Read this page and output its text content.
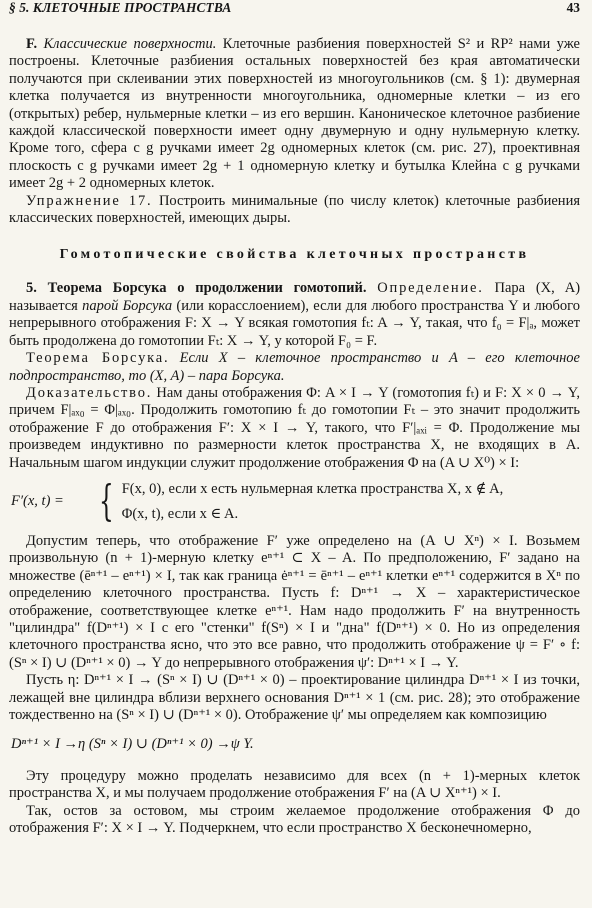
§ 5. КЛЕТОЧНЫЕ ПРОСТРАНСТВА	43

F. Классические поверхности. Клеточные разбиения поверхностей S² и RP² нами уже построены. Клеточные разбиения остальных поверхностей без края автоматически получаются при склеивании этих поверхностей из многоугольников (см. § 1): двумерная клетка получается из внутренности многоугольника, одномерные клетки – из его (открытых) ребер, нульмерные клетки – из его вершин. Каноническое клеточное разбиение каждой классической поверхности имеет одну двумерную и одну нульмерную клетку. Кроме того, сфера с g ручками имеет 2g одномерных клеток (см. рис. 27), проективная плоскость с g ручками имеет 2g + 1 одномерную клетку и бутылка Клейна с g ручками имеет 2g + 2 одномерных клеток.

Упражнение 17. Построить минимальные (по числу клеток) клеточные разбиения классических поверхностей, имеющих дыры.

Гомотопические свойства клеточных пространств

5. Теорема Борсука о продолжении гомотопий. Определение. Пара (X, A) называется парой Борсука (или корасслоением), если для любого пространства Y и любого непрерывного отображения F: X → Y всякая гомотопия fₜ: A → Y, такая, что f₀ = F|ₐ, может быть продолжена до гомотопии Fₜ: X → Y, у которой F₀ = F.

Теорема Борсука. Если X – клеточное пространство и A – его клеточное подпространство, то (X, A) – пара Борсука.

Доказательство. Нам даны отображения Φ: A × I → Y (гомотопия fₜ) и F: X × 0 → Y, причем F|ₐₓ₀ = Φ|ₐₓ₀. Продолжить гомотопию fₜ до гомотопии Fₜ – это значит продолжить отображение F до отображения F′: X × I → Y, такого, что F′|ₐₓᵢ = Φ. Продолжение мы произведем индуктивно по размерности клеток пространства X, не входящих в A. Начальным шагом индукции служит продолжение отображения Φ на (A ∪ X⁰) × I:

F′(x, t) = { F(x, 0), если x есть нульмерная клетка пространства X, x ∉ A,
Φ(x, t), если x ∈ A.

Допустим теперь, что отображение F′ уже определено на (A ∪ Xⁿ) × I. Возьмем произвольную (n + 1)-мерную клетку eⁿ⁺¹ ⊂ X – A. По предположению, F′ задано на множестве (ēⁿ⁺¹ – eⁿ⁺¹) × I, так как граница ėⁿ⁺¹ = ēⁿ⁺¹ – eⁿ⁺¹ клетки eⁿ⁺¹ содержится в Xⁿ по определению клеточного пространства. Пусть f: Dⁿ⁺¹ → X – характеристическое отображение, соответствующее клетке eⁿ⁺¹. Нам надо продолжить F′ на внутренность "цилиндра" f(Dⁿ⁺¹) × I с его "стенки" f(Sⁿ) × I и "дна" f(Dⁿ⁺¹) × 0. Но из определения клеточного пространства ясно, что это все равно, что продолжить отображение ψ = F′ ∘ f: (Sⁿ × I) ∪ (Dⁿ⁺¹ × 0) → Y до непрерывного отображения ψ′: Dⁿ⁺¹ × I → Y.

Пусть η: Dⁿ⁺¹ × I → (Sⁿ × I) ∪ (Dⁿ⁺¹ × 0) – проектирование цилиндра Dⁿ⁺¹ × I из точки, лежащей вне цилиндра вблизи верхнего основания Dⁿ⁺¹ × 1 (см. рис. 28); это отображение тождественно на (Sⁿ × I) ∪ (Dⁿ⁺¹ × 0). Отображение ψ′ мы определяем как композицию

Dⁿ⁺¹ × I →η (Sⁿ × I) ∪ (Dⁿ⁺¹ × 0) →ψ Y.

Эту процедуру можно проделать независимо для всех (n + 1)-мерных клеток пространства X, и мы получаем продолжение отображения F′ на (A ∪ Xⁿ⁺¹) × I.

Так, остов за остовом, мы строим желаемое продолжение отображения Φ до отображения F′: X × I → Y. Подчеркнем, что если пространство X бесконечномерно,
